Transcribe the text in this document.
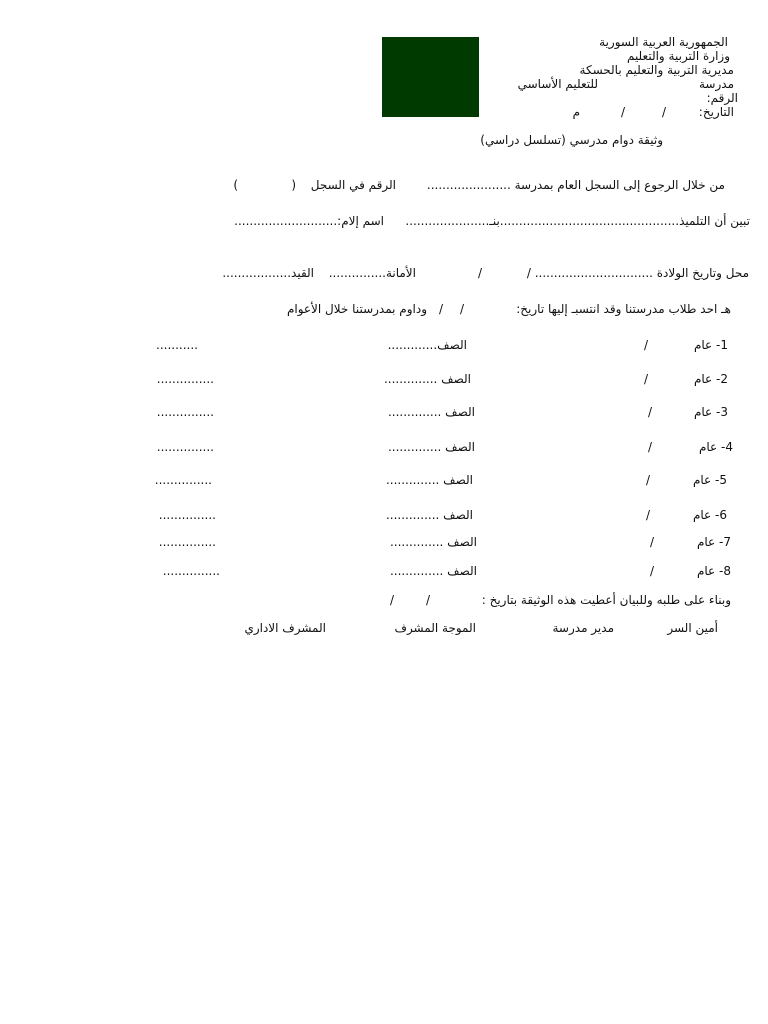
الجمهورية العربية السورية
وزارة التربية والتعليم
مديرية التربية والتعليم بالحسكة
مدرسة
للتعليم الأساسي
الرقم:
التاريخ:
/
/
م
وثيقة دوام مدرسي (تسلسل دراسي)
من خلال الرجوع إلى السجل العام بمدرسة ......................
الرقم في السجل
(
)
تبين أن التلميذ...............................................بنـ......................
اسم إلام:...........................
محل وتاريخ الولادة ............................... /
/
الأمانة...............
القيد..................
هـ احد طلاب مدرستنا وقد انتسبـ إليها تاريخ:
/
/
وداوم بمدرستنا خلال الأعوام
1- عام
/
الصف.............
...........
2- عام
/
الصف ..............
...............
3- عام
/
الصف ..............
...............
4- عام
/
الصف ..............
...............
5- عام
/
الصف ..............
...............
6- عام
/
الصف ..............
...............
7- عام
/
الصف ..............
...............
8- عام
/
الصف ..............
...............
وبناء على طلبه وللبيان أعطيت هذه الوثيقة بتاريخ :
/
/
أمين السر
مدير مدرسة
الموجة المشرف
المشرف الاداري
